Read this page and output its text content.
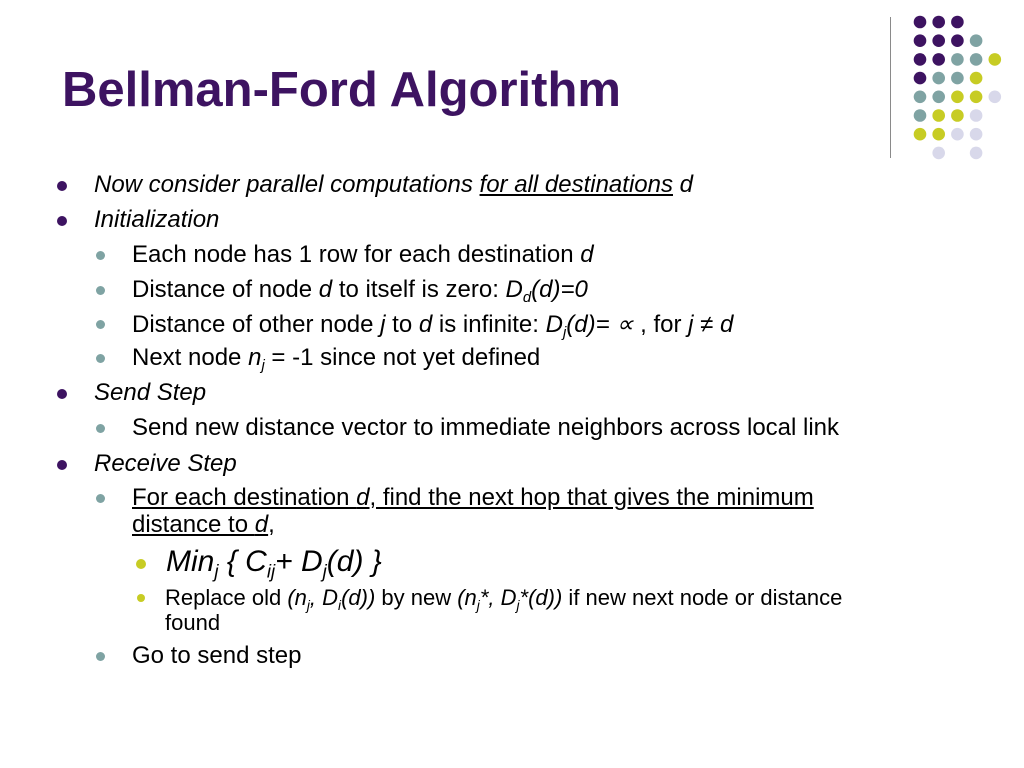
Bellman-Ford Algorithm
Now consider parallel computations for all destinations d
Initialization
Each node has 1 row for each destination d
Distance of node d to itself is zero: $D_d(d)=0$
Distance of other node j to d is infinite: $D_j(d)=$ ∝ , for j ≠ d
Next node $n_j = -1$ since not yet defined
Send Step
Send new distance vector to immediate neighbors across local link
Receive Step
For each destination d, find the next hop that gives the minimum
distance to d,
Min$_j$ { $C_{ij}+ D_j(d)$ }
Replace old ($n_j$, $D_i(d)$) by new ($n_j*$, $D_j*(d)$) if new next node or distance
found
Go to send step
